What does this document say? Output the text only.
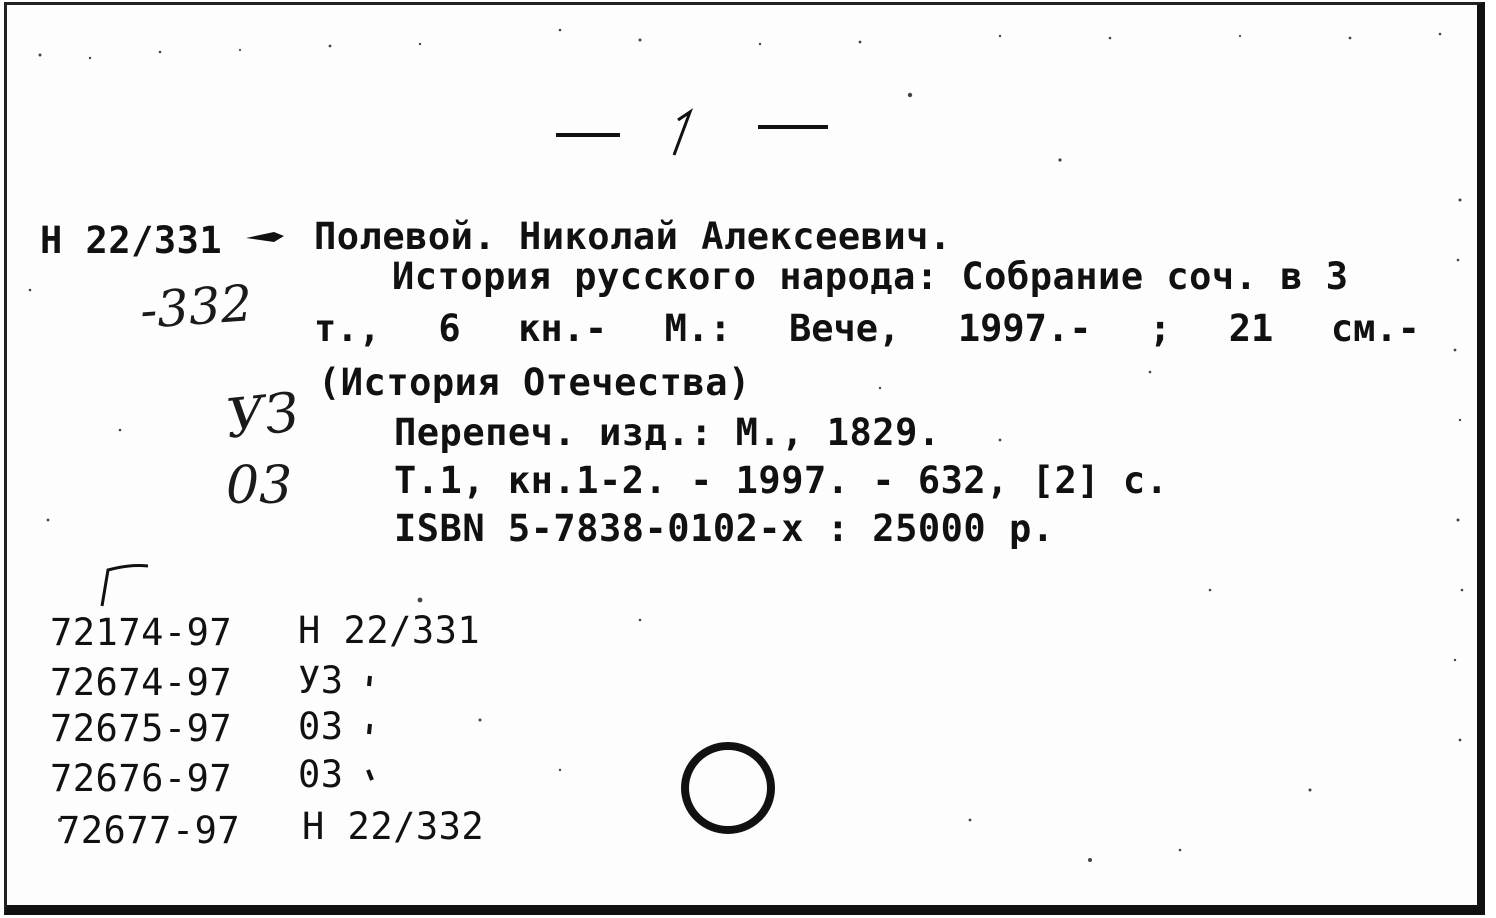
Н 22/331
-332
Полевой. Николай Алексеевич.
История русского народа: Собрание соч. в 3
т., 6 кн.- М.: Вече, 1997.- ; 21 см.-
(История Отечества)
УЗ
03
Перепеч. изд.: М., 1829.
Т.1, кн.1-2. - 1997. - 632, [2] с.
ISBN 5-7838-0102-x : 25000 р.
72174-97 Н 22/331
72674-97 УЗ
72675-97 03
72676-97 03
72677-97 Н 22/332
